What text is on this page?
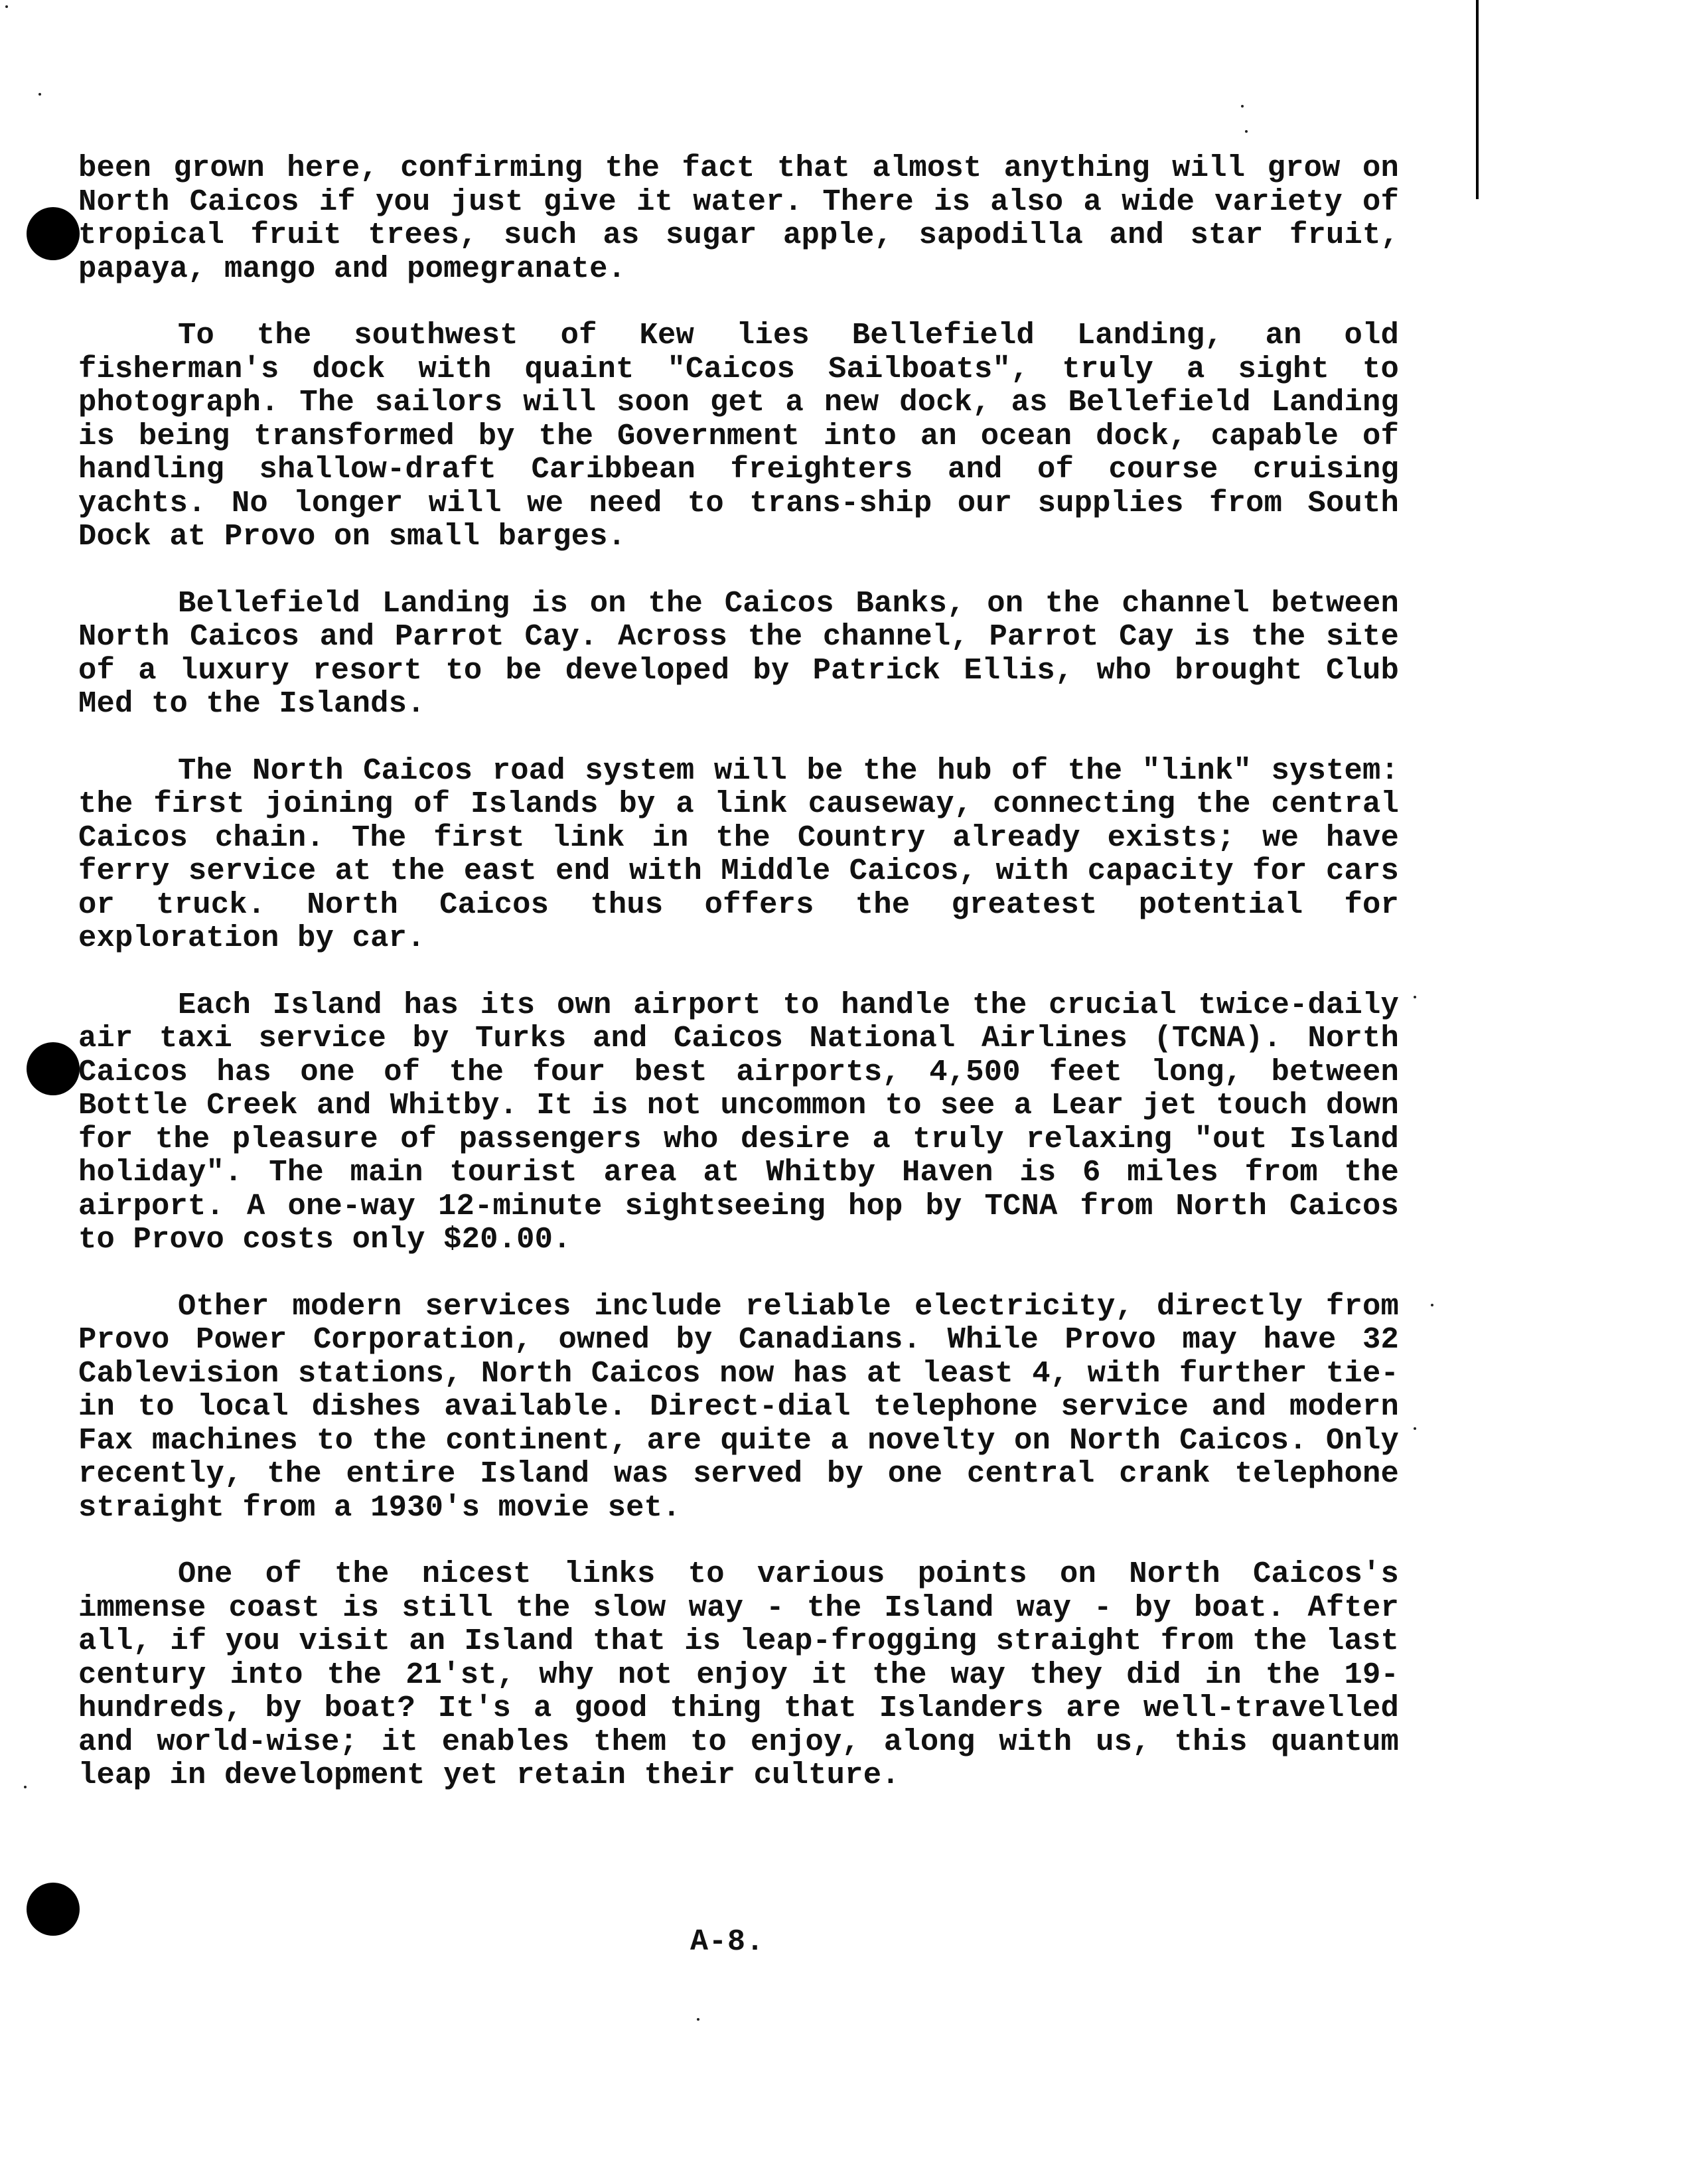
been grown here, confirming the fact that almost anything will grow on North Caicos if you just give it water. There is also a wide variety of tropical fruit trees, such as sugar apple, sapodilla and star fruit, papaya, mango and pomegranate.

To the southwest of Kew lies Bellefield Landing, an old fisherman's dock with quaint "Caicos Sailboats", truly a sight to photograph. The sailors will soon get a new dock, as Bellefield Landing is being transformed by the Government into an ocean dock, capable of handling shallow-draft Caribbean freighters and of course cruising yachts. No longer will we need to trans-ship our supplies from South Dock at Provo on small barges.

Bellefield Landing is on the Caicos Banks, on the channel between North Caicos and Parrot Cay. Across the channel, Parrot Cay is the site of a luxury resort to be developed by Patrick Ellis, who brought Club Med to the Islands.

The North Caicos road system will be the hub of the "link" system: the first joining of Islands by a link causeway, connecting the central Caicos chain. The first link in the Country already exists; we have ferry service at the east end with Middle Caicos, with capacity for cars or truck. North Caicos thus offers the greatest potential for exploration by car.

Each Island has its own airport to handle the crucial twice-daily air taxi service by Turks and Caicos National Airlines (TCNA). North Caicos has one of the four best airports, 4,500 feet long, between Bottle Creek and Whitby. It is not uncommon to see a Lear jet touch down for the pleasure of passengers who desire a truly relaxing "out Island holiday". The main tourist area at Whitby Haven is 6 miles from the airport. A one-way 12-minute sightseeing hop by TCNA from North Caicos to Provo costs only $20.00.

Other modern services include reliable electricity, directly from Provo Power Corporation, owned by Canadians. While Provo may have 32 Cablevision stations, North Caicos now has at least 4, with further tie-in to local dishes available. Direct-dial telephone service and modern Fax machines to the continent, are quite a novelty on North Caicos. Only recently, the entire Island was served by one central crank telephone straight from a 1930's movie set.

One of the nicest links to various points on North Caicos's immense coast is still the slow way - the Island way - by boat. After all, if you visit an Island that is leap-frogging straight from the last century into the 21'st, why not enjoy it the way they did in the 19-hundreds, by boat? It's a good thing that Islanders are well-travelled and world-wise; it enables them to enjoy, along with us, this quantum leap in development yet retain their culture.

A-8.
